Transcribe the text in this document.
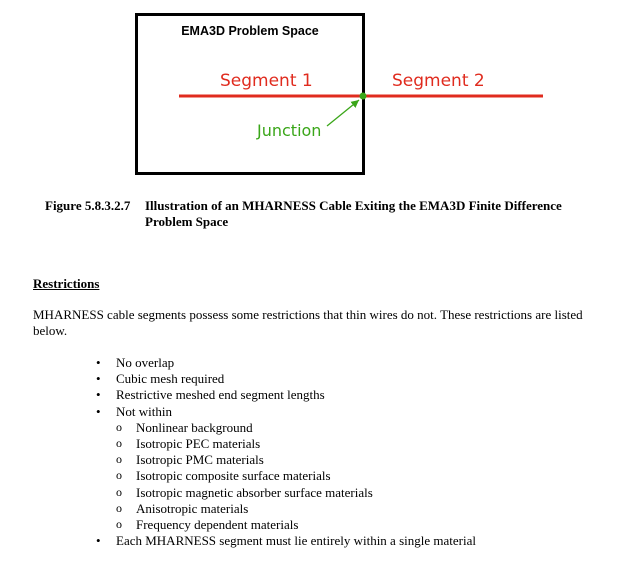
EMA3D Problem Space
Segment 1	Segment 2
Junction
Figure 5.8.3.2.7 Illustration of an MHARNESS Cable Exiting the EMA3D Finite Difference Problem Space
Restrictions
MHARNESS cable segments possess some restrictions that thin wires do not. These restrictions are listed below.
• No overlap
• Cubic mesh required
• Restrictive meshed end segment lengths
• Not within
o Nonlinear background
o Isotropic PEC materials
o Isotropic PMC materials
o Isotropic composite surface materials
o Isotropic magnetic absorber surface materials
o Anisotropic materials
o Frequency dependent materials
• Each MHARNESS segment must lie entirely within a single material
